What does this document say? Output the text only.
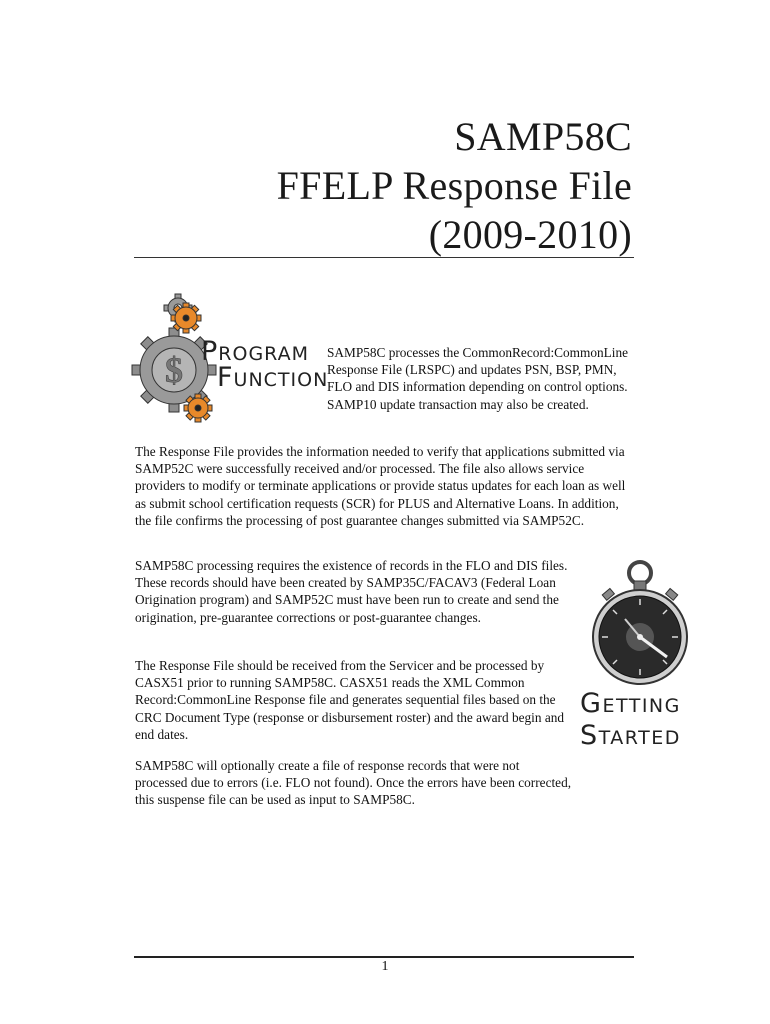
SAMP58C
FFELP Response File
(2009-2010)
$ PROGRAM
FUNCTION
SAMP58C processes the CommonRecord:CommonLine Response File (LRSPC) and updates PSN, BSP, PMN, FLO and DIS information depending on control options. SAMP10 update transaction may also be created.
The Response File provides the information needed to verify that applications submitted via SAMP52C were successfully received and/or processed. The file also allows service providers to modify or terminate applications or provide status updates for each loan as well as submit school certification requests (SCR) for PLUS and Alternative Loans. In addition, the file confirms the processing of post guarantee changes submitted via SAMP52C.
SAMP58C processing requires the existence of records in the FLO and DIS files. These records should have been created by SAMP35C/FACAV3 (Federal Loan Origination program) and SAMP52C must have been run to create and send the origination, pre-guarantee corrections or post-guarantee changes.
The Response File should be received from the Servicer and be processed by CASX51 prior to running SAMP58C. CASX51 reads the XML Common Record:CommonLine Response file and generates sequential files based on the CRC Document Type (response or disbursement roster) and the award begin and end dates.
SAMP58C will optionally create a file of response records that were not processed due to errors (i.e. FLO not found). Once the errors have been corrected, this suspense file can be used as input to SAMP58C.
GETTING
STARTED
1
